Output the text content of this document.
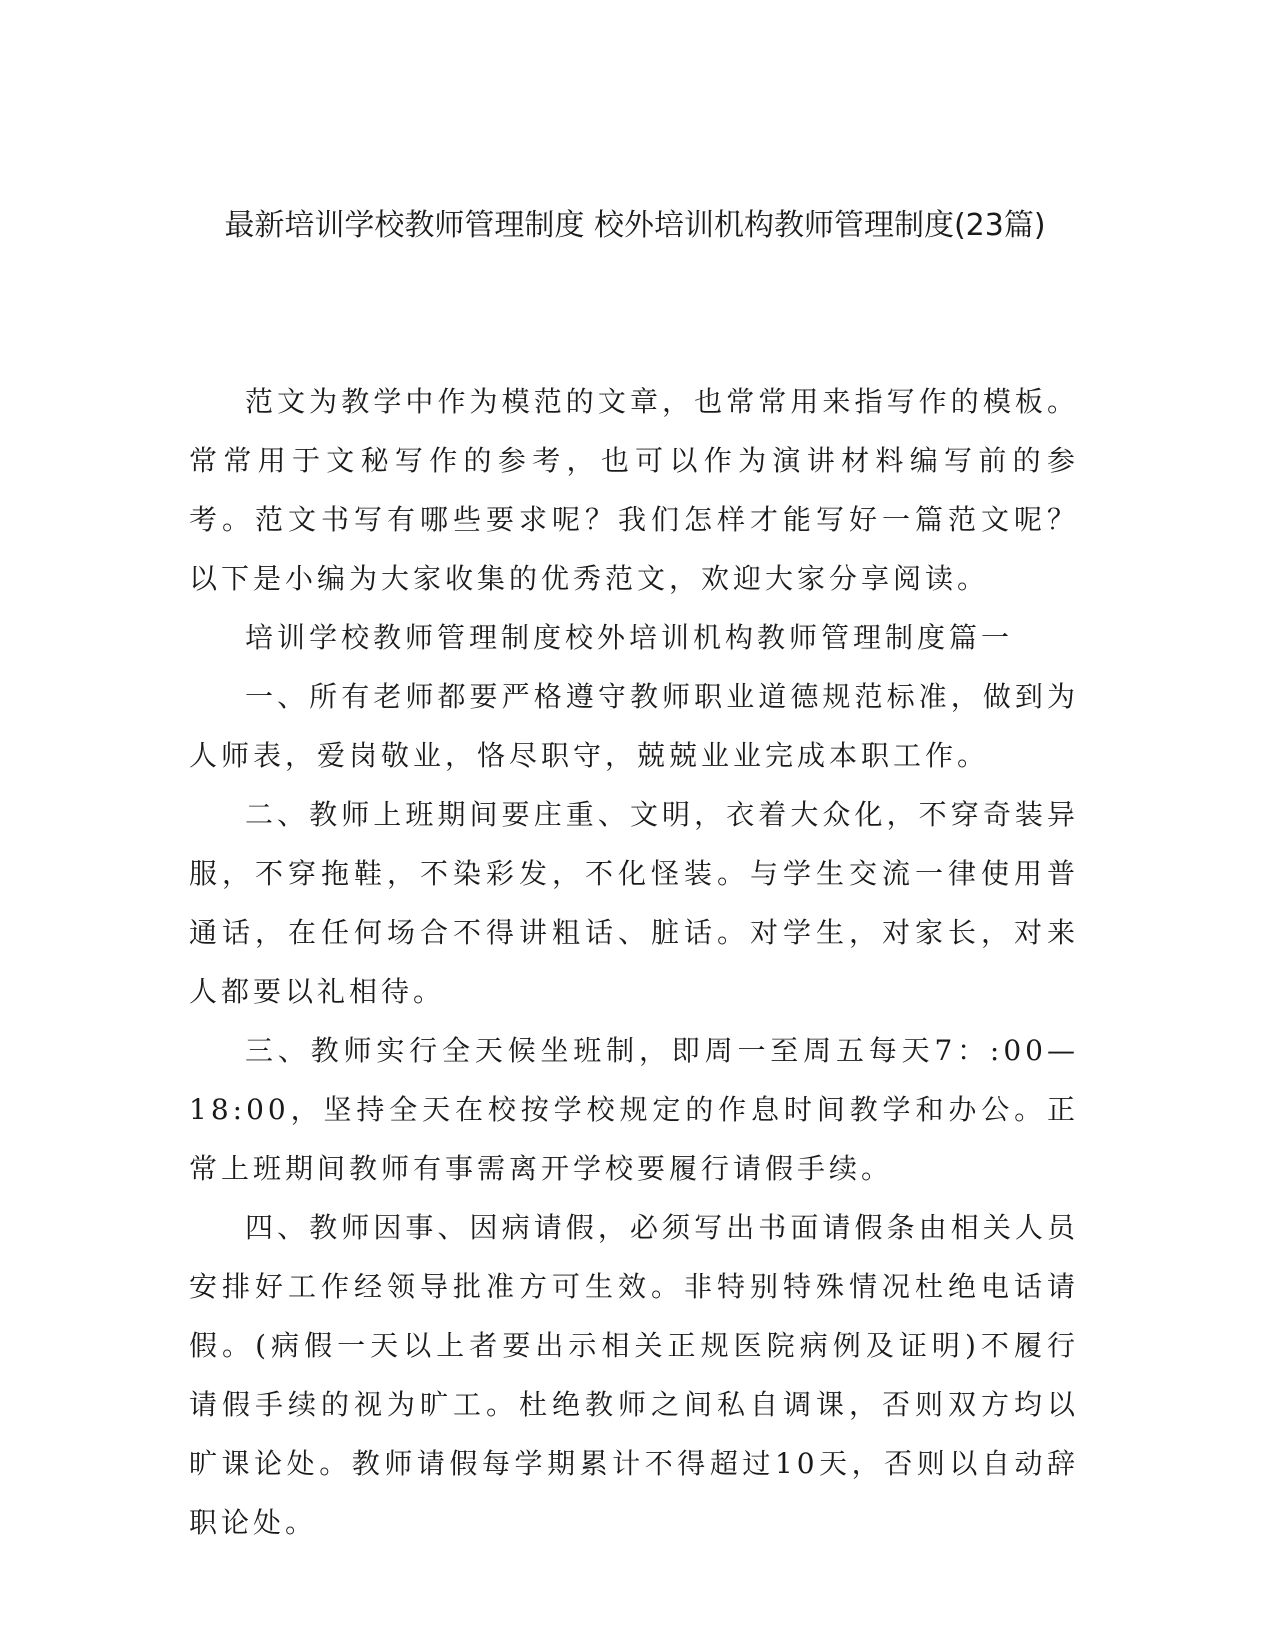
最新培训学校教师管理制度 校外培训机构教师管理制度(23篇)

范文为教学中作为模范的文章，也常常用来指写作的模板。常常用于文秘写作的参考，也可以作为演讲材料编写前的参考。范文书写有哪些要求呢？我们怎样才能写好一篇范文呢？以下是小编为大家收集的优秀范文，欢迎大家分享阅读。

培训学校教师管理制度校外培训机构教师管理制度篇一

一、所有老师都要严格遵守教师职业道德规范标准，做到为人师表，爱岗敬业，恪尽职守，兢兢业业完成本职工作。

二、教师上班期间要庄重、文明，衣着大众化，不穿奇装异服，不穿拖鞋，不染彩发，不化怪装。与学生交流一律使用普通话，在任何场合不得讲粗话、脏话。对学生，对家长，对来人都要以礼相待。

三、教师实行全天候坐班制，即周一至周五每天7：:00—18:00，坚持全天在校按学校规定的作息时间教学和办公。正常上班期间教师有事需离开学校要履行请假手续。

四、教师因事、因病请假，必须写出书面请假条由相关人员安排好工作经领导批准方可生效。非特别特殊情况杜绝电话请假。(病假一天以上者要出示相关正规医院病例及证明)不履行请假手续的视为旷工。杜绝教师之间私自调课，否则双方均以旷课论处。教师请假每学期累计不得超过10天，否则以自动辞职论处。
